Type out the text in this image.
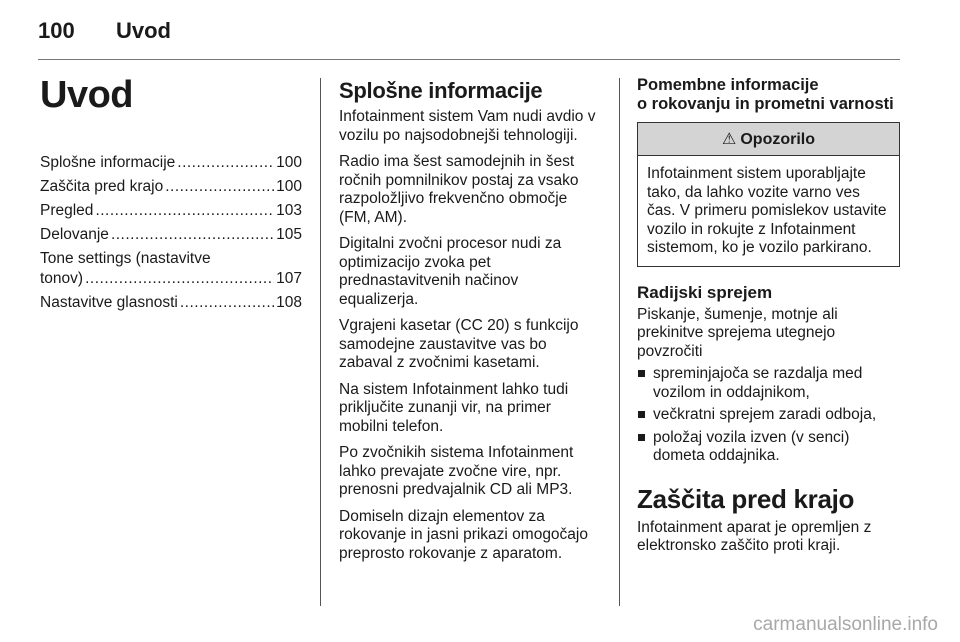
100 Uvod
Uvod
Splošne informacije .....	100
Zaščita pred krajo .....	100
Pregled .....	103
Delovanje .....	105
Tone settings (nastavitve
tonov) .....	107
Nastavitve glasnosti .....	108
Splošne informacije

Infotainment sistem Vam nudi avdio v vozilu po najsodobnejši tehnologiji.

Radio ima šest samodejnih in šest ročnih pomnilnikov postaj za vsako razpoložljivo frekvenčno območje (FM, AM).

Digitalni zvočni procesor nudi za optimizacijo zvoka pet prednastavitvenih načinov equalizerja.

Vgrajeni kasetar (CC 20) s funkcijo samodejne zaustavitve vas bo zabaval z zvočnimi kasetami.

Na sistem Infotainment lahko tudi priključite zunanji vir, na primer mobilni telefon.

Po zvočnikih sistema Infotainment lahko prevajate zvočne vire, npr. prenosni predvajalnik CD ali MP3.

Domiseln dizajn elementov za rokovanje in jasni prikazi omogočajo preprosto rokovanje z aparatom.

Pomembne informacije
o rokovanju in prometni varnosti
⚠ Opozorilo
Infotainment sistem uporabljajte tako, da lahko vozite varno ves čas. V primeru pomislekov ustavite vozilo in rokujte z Infotainment sistemom, ko je vozilo parkirano.
Radijski sprejem

Piskanje, šumenje, motnje ali prekinitve sprejema utegnejo povzročiti

spreminjajoča se razdalja med vozilom in oddajnikom,
večkratni sprejem zaradi odboja,
položaj vozila izven (v senci) dometa oddajnika.
Zaščita pred krajo

Infotainment aparat je opremljen z elektronsko zaščito proti kraji.

carmanualsonline.info
